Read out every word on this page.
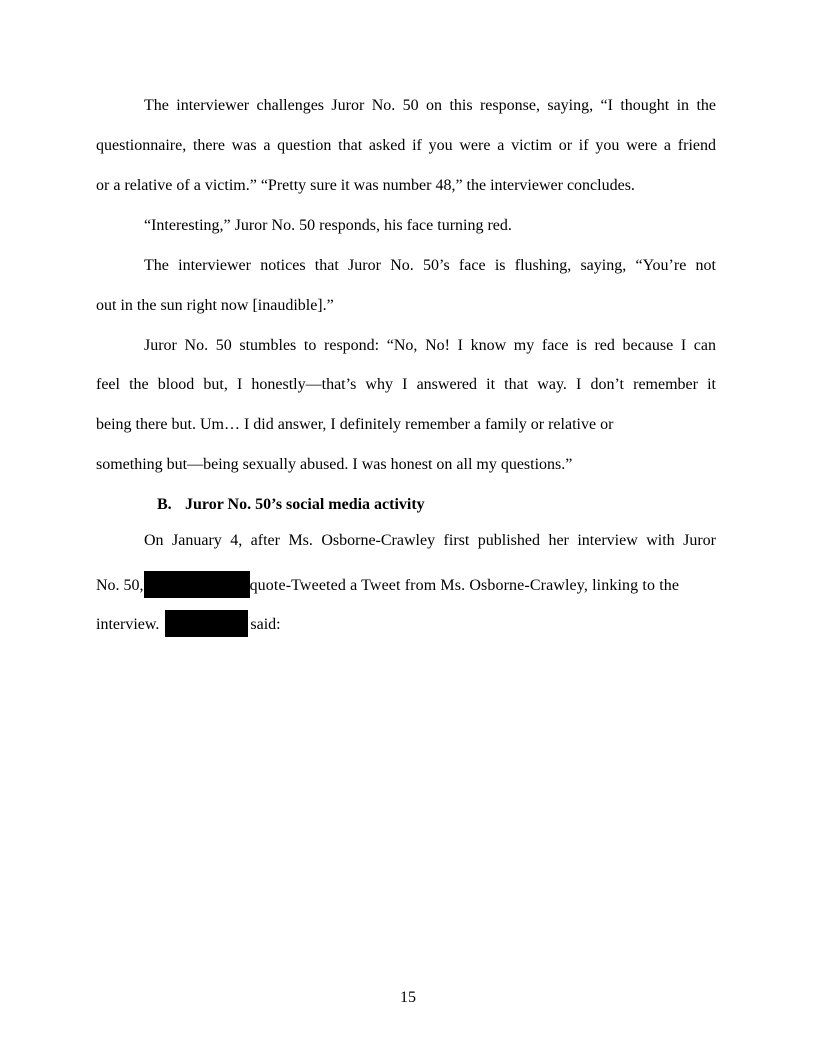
The interviewer challenges Juror No. 50 on this response, saying, “I thought in the
questionnaire, there was a question that asked if you were a victim or if you were a friend
or a relative of a victim.” “Pretty sure it was number 48,” the interviewer concludes.
“Interesting,” Juror No. 50 responds, his face turning red.
The interviewer notices that Juror No. 50’s face is flushing, saying, “You’re not
out in the sun right now [inaudible].”
Juror No. 50 stumbles to respond: “No, No! I know my face is red because I can
feel the blood but, I honestly—that’s why I answered it that way. I don’t remember it
being there but. Um… I did answer, I definitely remember a family or relative or
something but—being sexually abused. I was honest on all my questions.”
B. Juror No. 50’s social media activity
On January 4, after Ms. Osborne-Crawley first published her interview with Juror
No. 50,	quote-Tweeted a Tweet from Ms. Osborne-Crawley, linking to the
interview.	said:
15
